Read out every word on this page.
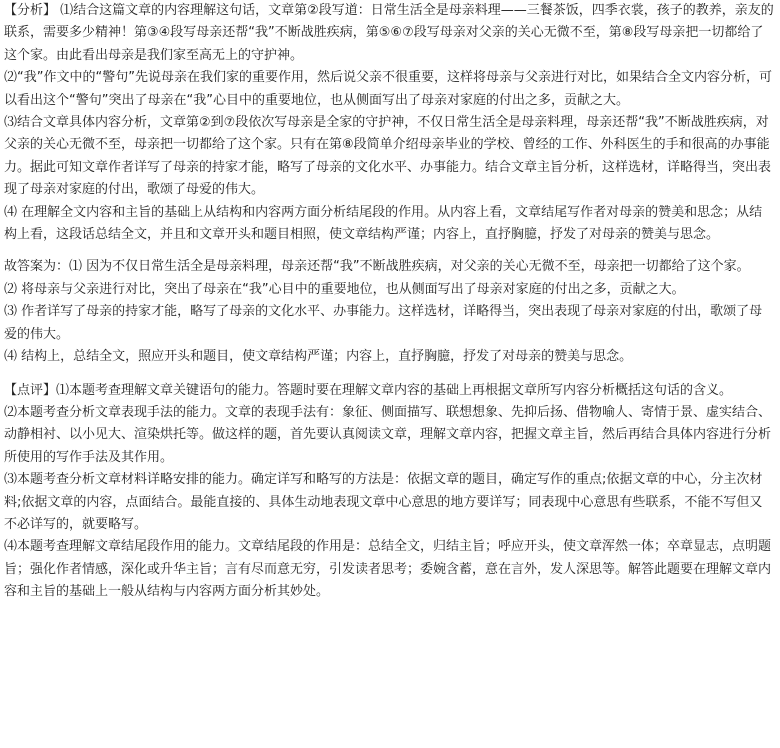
【分析】 ⑴结合这篇文章的内容理解这句话，文章第②段写道：日常生活全是母亲料理——三餐茶饭，四季衣裳，孩子的教养，亲友的联系，需要多少精神！第③④段写母亲还帮“我”不断战胜疾病，第⑤⑥⑦段写母亲对父亲的关心无微不至，第⑧段写母亲把一切都给了这个家。由此看出母亲是我们家至高无上的守护神。

⑵“我”作文中的“警句”先说母亲在我们家的重要作用，然后说父亲不很重要，这样将母亲与父亲进行对比，如果结合全文内容分析，可以看出这个“警句”突出了母亲在“我”心目中的重要地位，也从侧面写出了母亲对家庭的付出之多，贡献之大。

⑶结合文章具体内容分析，文章第②到⑦段依次写母亲是全家的守护神，不仅日常生活全是母亲料理，母亲还帮“我”不断战胜疾病，对父亲的关心无微不至，母亲把一切都给了这个家。只有在第⑧段简单介绍母亲毕业的学校、曾经的工作、外科医生的手和很高的办事能力。据此可知文章作者详写了母亲的持家才能，略写了母亲的文化水平、办事能力。结合文章主旨分析，这样选材，详略得当，突出表现了母亲对家庭的付出，歌颂了母爱的伟大。

⑷ 在理解全文内容和主旨的基础上从结构和内容两方面分析结尾段的作用。从内容上看，文章结尾写作者对母亲的赞美和思念；从结构上看，这段话总结全文，并且和文章开头和题目相照，使文章结构严谨；内容上，直抒胸臆，抒发了对母亲的赞美与思念。

故答案为：⑴ 因为不仅日常生活全是母亲料理，母亲还帮“我”不断战胜疾病，对父亲的关心无微不至，母亲把一切都给了这个家。

⑵ 将母亲与父亲进行对比，突出了母亲在“我”心目中的重要地位，也从侧面写出了母亲对家庭的付出之多，贡献之大。

⑶ 作者详写了母亲的持家才能，略写了母亲的文化水平、办事能力。这样选材，详略得当，突出表现了母亲对家庭的付出，歌颂了母爱的伟大。

⑷ 结构上，总结全文，照应开头和题目，使文章结构严谨；内容上，直抒胸臆，抒发了对母亲的赞美与思念。

【点评】⑴本题考查理解文章关键语句的能力。答题时要在理解文章内容的基础上再根据文章所写内容分析概括这句话的含义。

⑵本题考查分析文章表现手法的能力。文章的表现手法有：象征、侧面描写、联想想象、先抑后扬、借物喻人、寄情于景、虚实结合、动静相衬、以小见大、渲染烘托等。做这样的题，首先要认真阅读文章，理解文章内容，把握文章主旨，然后再结合具体内容进行分析所使用的写作手法及其作用。

⑶本题考查分析文章材料详略安排的能力。确定详写和略写的方法是：依据文章的题目，确定写作的重点;依据文章的中心，分主次材料;依据文章的内容，点面结合。最能直接的、具体生动地表现文章中心意思的地方要详写；同表现中心意思有些联系，不能不写但又不必详写的，就要略写。

⑷本题考查理解文章结尾段作用的能力。文章结尾段的作用是：总结全文，归结主旨；呼应开头，使文章浑然一体；卒章显志，点明题旨；强化作者情感，深化或升华主旨；言有尽而意无穷，引发读者思考；委婉含蓄，意在言外，发人深思等。解答此题要在理解文章内容和主旨的基础上一般从结构与内容两方面分析其妙处。
